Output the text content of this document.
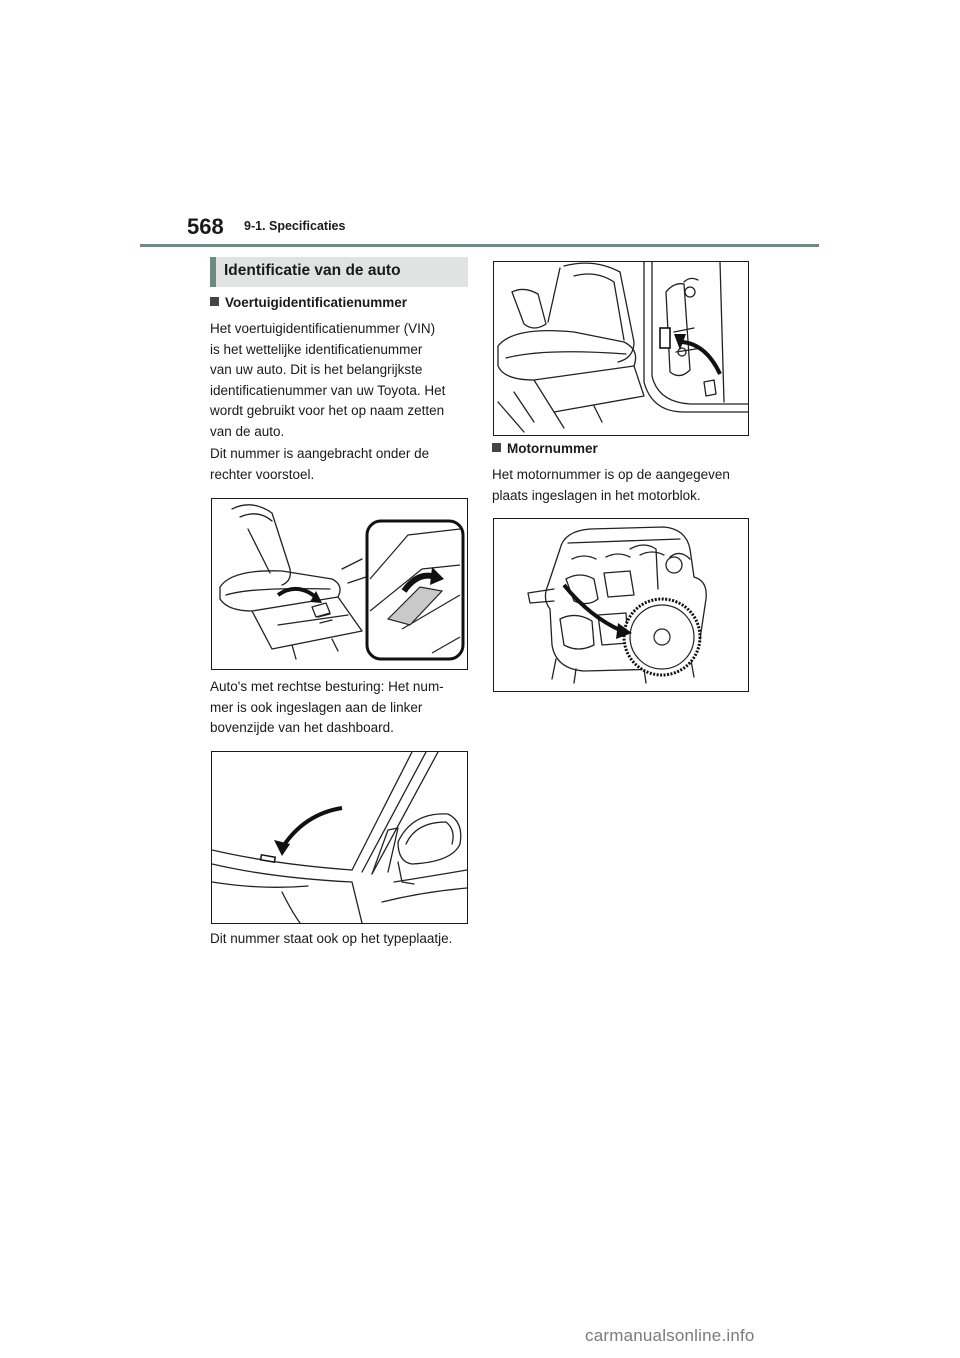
568 9-1. Specificaties
Identificatie van de auto
Voertuigidentificatienummer
Het voertuigidentificatienummer (VIN)
is het wettelijke identificatienummer
van uw auto. Dit is het belangrijkste
identificatienummer van uw Toyota. Het
wordt gebruikt voor het op naam zetten
van de auto.
Dit nummer is aangebracht onder de
rechter voorstoel.
Auto's met rechtse besturing: Het num-
mer is ook ingeslagen aan de linker
bovenzijde van het dashboard.
Dit nummer staat ook op het typeplaatje.
Motornummer
Het motornummer is op de aangegeven
plaats ingeslagen in het motorblok.
carmanualsonline.info
